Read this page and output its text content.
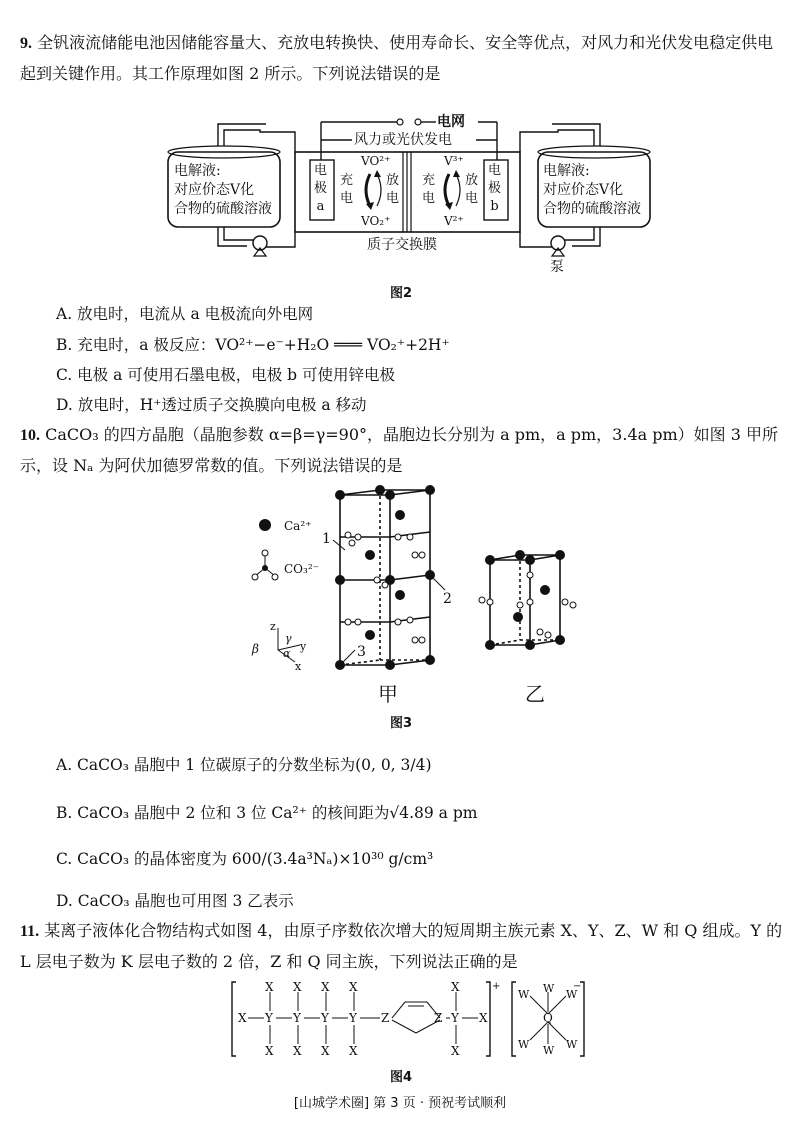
9. 全钒液流储能电池因储能容量大、充放电转换快、使用寿命长、安全等优点，对风力和光伏发电稳定供电起到关键作用。其工作原理如图 2 所示。下列说法错误的是
电网
风力或光伏发电
电解液:
对应价态V化
合物的硫酸溶液
电解液:
对应价态V化
合物的硫酸溶液
电
极
a
电
极
b
VO²⁺
VO₂⁺
V³⁺
V²⁺
充
电
放
电
充
电
放
电
质子交换膜
泵
图2
A. 放电时，电流从 a 电极流向外电网
B. 充电时，a 极反应：VO²⁺−e⁻+H₂O ═══ VO₂⁺+2H⁺
C. 电极 a 可使用石墨电极，电极 b 可使用锌电极
D. 放电时，H⁺透过质子交换膜向电极 a 移动
10. CaCO₃ 的四方晶胞（晶胞参数 α=β=γ=90°，晶胞边长分别为 a pm，a pm，3.4a pm）如图 3 甲所示，设 Nₐ 为阿伏加德罗常数的值。下列说法错误的是
Ca²⁺
CO₃²⁻
1
2
3
z
y
x
β α
γ
甲	乙
图3
A. CaCO₃ 晶胞中 1 位碳原子的分数坐标为(0, 0, 3/4)
B. CaCO₃ 晶胞中 2 位和 3 位 Ca²⁺ 的核间距为√4.89 a pm
C. CaCO₃ 的晶体密度为 600/(3.4a³Nₐ)×10³⁰ g/cm³
D. CaCO₃ 晶胞也可用图 3 乙表示
11. 某离子液体化合物结构式如图 4，由原子序数依次增大的短周期主族元素 X、Y、Z、W 和 Q 组成。Y 的 L 层电子数为 K 层电子数的 2 倍，Z 和 Q 同主族，下列说法正确的是
X Y Y Y Y Z	Z Y X
X X X X	X
X X X X	X
+	−
Q
W	W
W
W	W
W
图4
[山城学术圈] 第 3 页 · 预祝考试顺利
